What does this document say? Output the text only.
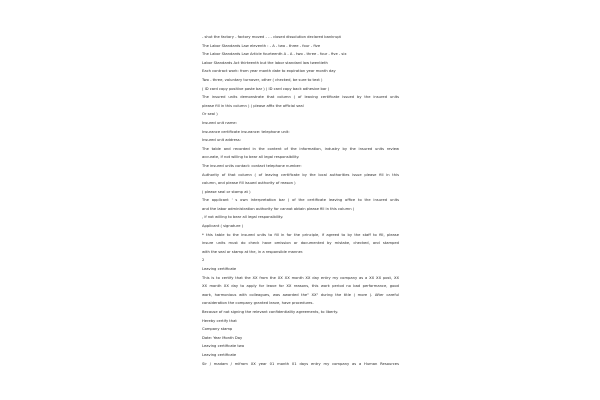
- shut the factory - factory moved - - - closed dissolution declared bankrupt
The Labor Standards Law eleventh : - A - two - three - four - five
The Labor Standards Law Article fourteenth A - A - two - three - four - five - six
Labor Standards Act thirteenth but the labor standard law twentieth
Each contract work: from year month date to expiration year month day
Two - three, voluntary turnover, other ( checked, be sure to text )
( ID card copy positive paste bar ) ( ID card copy back adhesive bar )
The insured units demonstrate that column ( of leaving certificate issued by the insured units
please fill in this column ) ( please affix the official seal
Or seal )
Insured unit name:
Insurance certificate insurance: telephone unit:
Insured unit address:
The table and recorded in the content of the information, industry by the insured units review
accurate, if not willing to bear all legal responsibility.
The insured units contact: contact telephone number:
Authority of that column ( of leaving certificate by the local authorities issue please fill in this
column, and please fill issued authority of reason )
( please seal or stamp at )
The applicant ' s own interpretation bar ( of the certificate leaving office to the insured units
and the labor administration authority for cannot obtain please fill in this column )
, if not willing to bear all legal responsibility.
Applicant ( signature )
* this table to the insured units to fill in for the principle, if agreed to by the staff to fill, please
insure units must do check have omission or documented by mistake, checked, and stamped
with the seal or stamp at the, in a responsible manner.
2
Leaving certificate
This is to certify that the XX from the XX XX month XX day entry my company as a XX XX post, XX
XX month XX day to apply for leave for XX reasons, this work period no bad performance, good
work, harmonious with colleagues, was awarded the" XX" during the title ( more ). After careful
consideration the company granted leave, have procedures.
Because of not signing the relevant confidentiality agreements, to liberty.
Hereby certify that
Company stamp
Date: Year Month Day
Leaving certificate two
Leaving certificate
Sir / madam / mifrom XX year 01 month 01 days entry my company as a Human Resources
